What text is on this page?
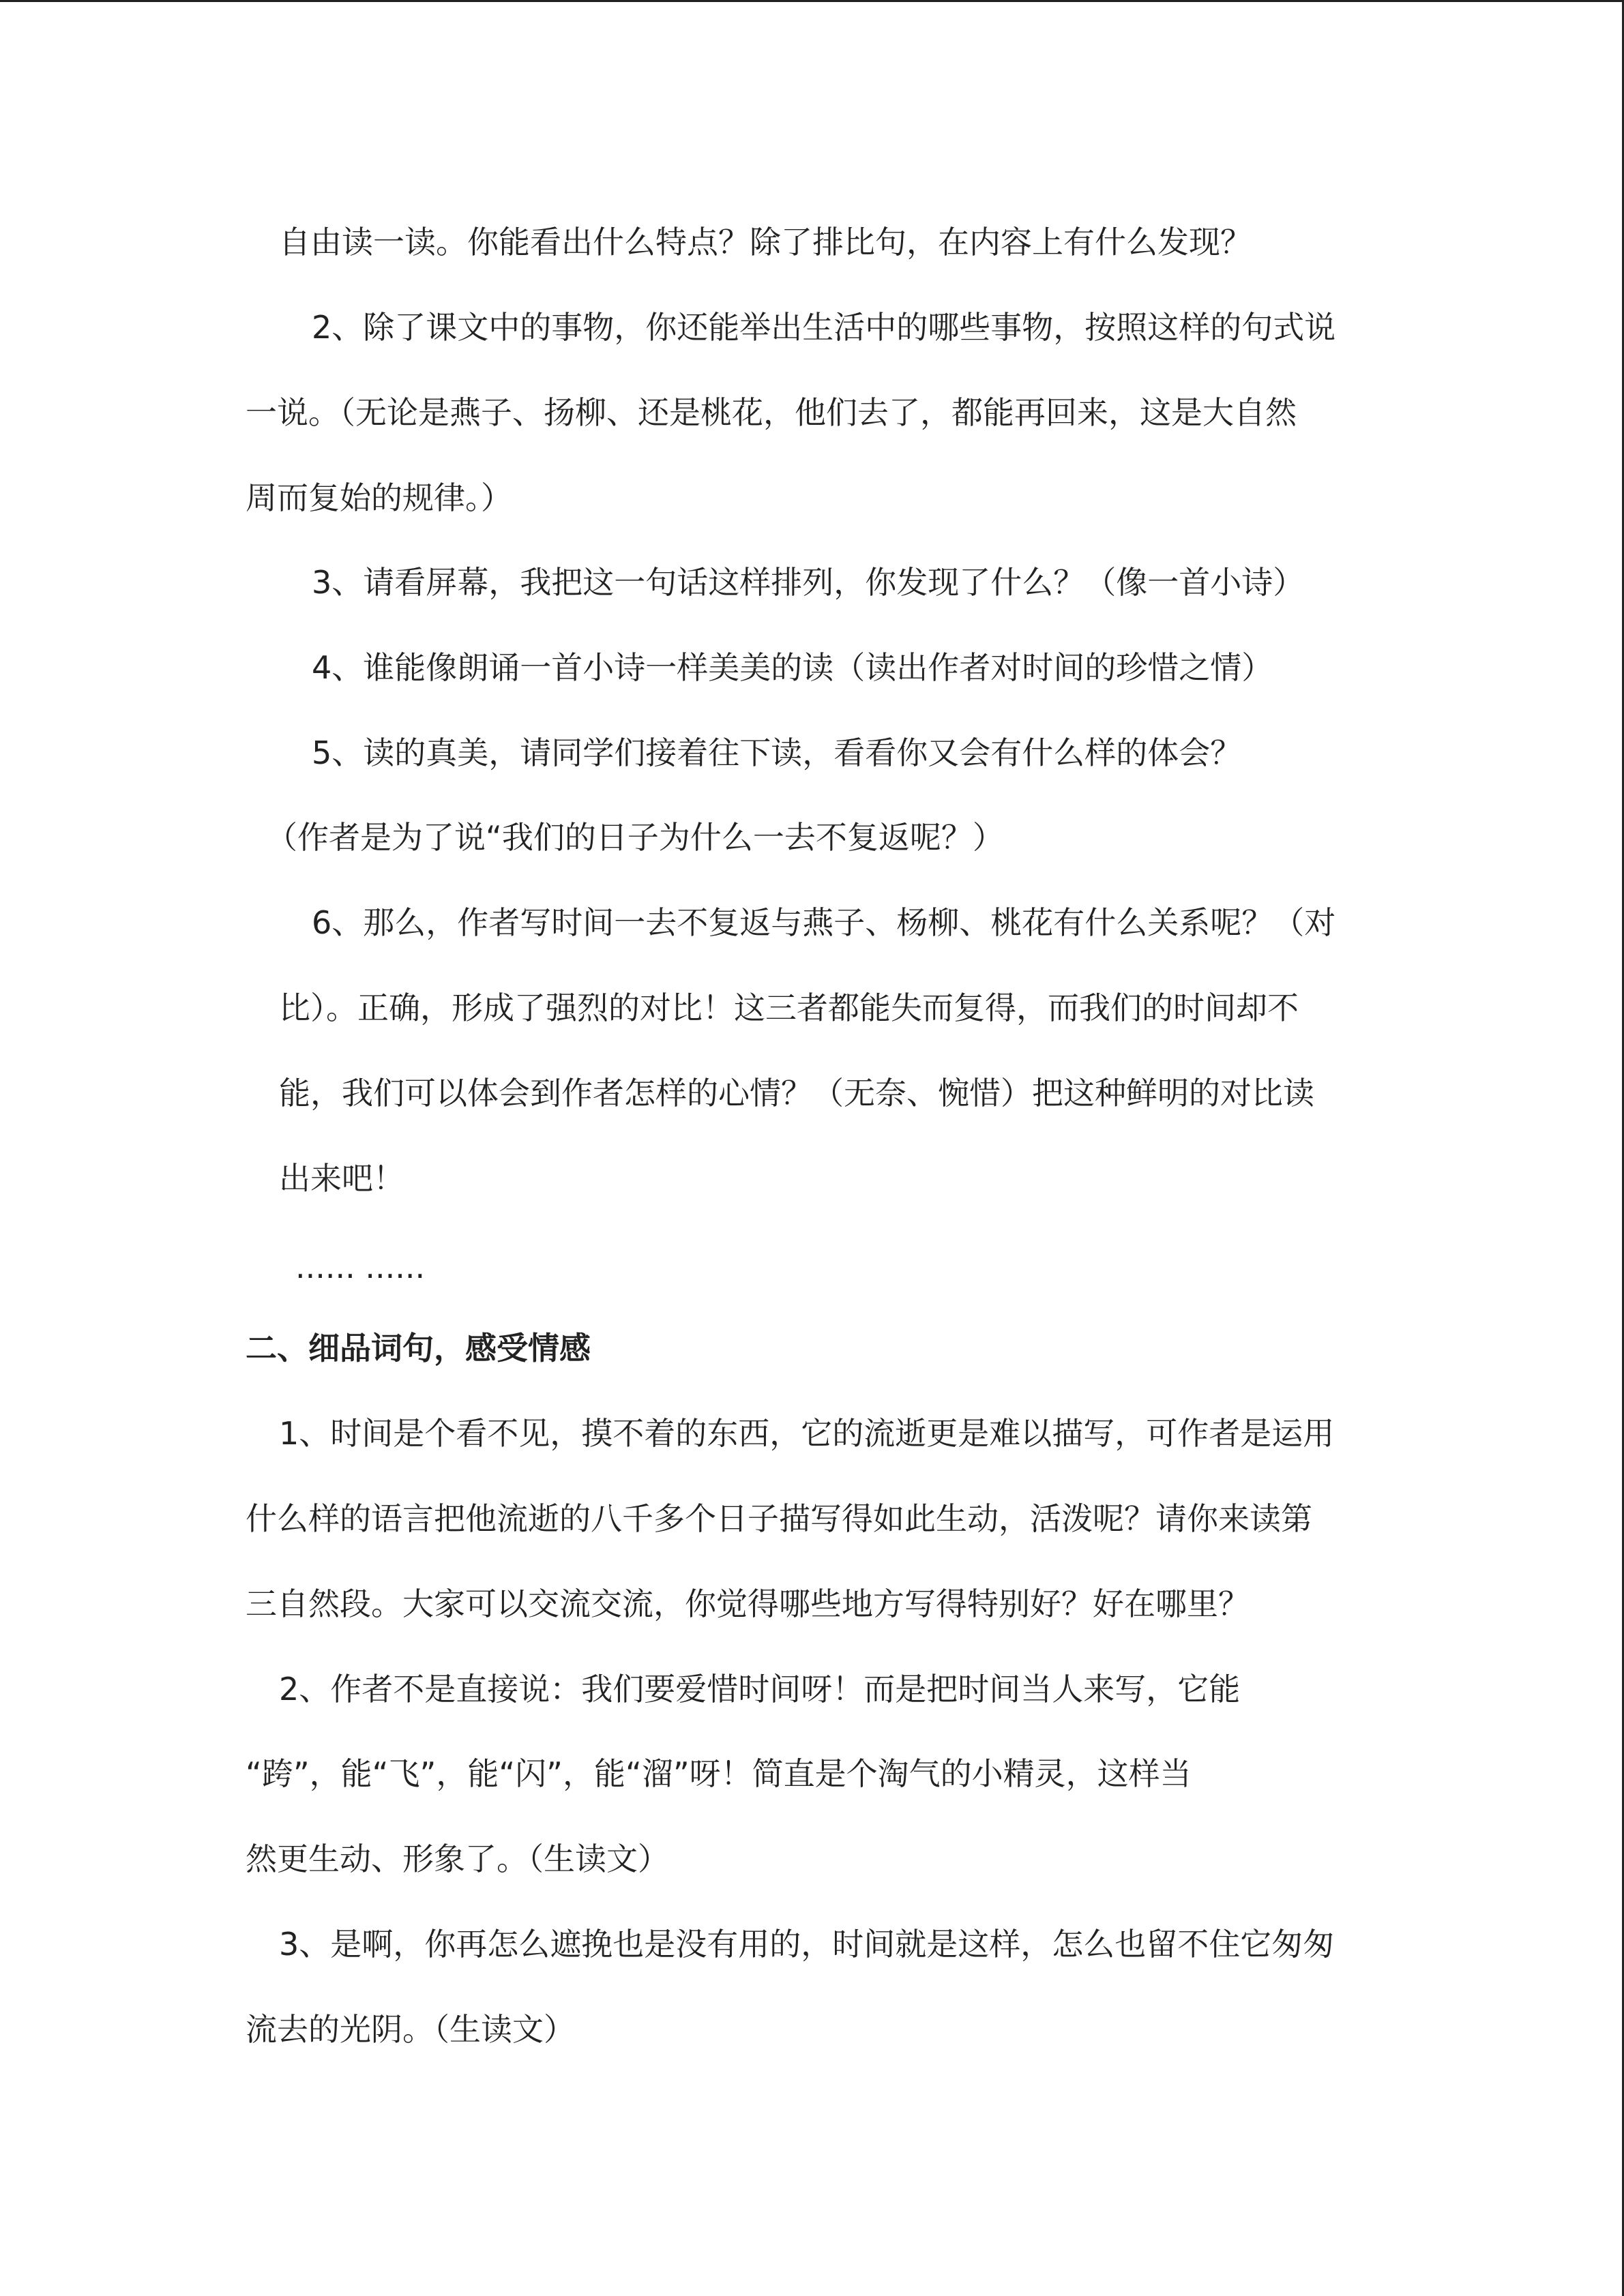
自由读一读。你能看出什么特点？除了排比句，在内容上有什么发现？
2、除了课文中的事物，你还能举出生活中的哪些事物，按照这样的句式说
一说。（无论是燕子、扬柳、还是桃花，他们去了，都能再回来，这是大自然
周而复始的规律。）
3、请看屏幕，我把这一句话这样排列，你发现了什么？（像一首小诗）
4、谁能像朗诵一首小诗一样美美的读（读出作者对时间的珍惜之情）
5、读的真美，请同学们接着往下读，看看你又会有什么样的体会？
（作者是为了说“我们的日子为什么一去不复返呢？）
6、那么，作者写时间一去不复返与燕子、杨柳、桃花有什么关系呢？（对
比）。正确，形成了强烈的对比！这三者都能失而复得，而我们的时间却不
能，我们可以体会到作者怎样的心情？（无奈、惋惜）把这种鲜明的对比读
出来吧！
...... ......
二、细品词句，感受情感
1、时间是个看不见，摸不着的东西，它的流逝更是难以描写，可作者是运用
什么样的语言把他流逝的八千多个日子描写得如此生动，活泼呢？请你来读第
三自然段。大家可以交流交流，你觉得哪些地方写得特别好？好在哪里？
2、作者不是直接说：我们要爱惜时间呀！而是把时间当人来写，它能
“跨”，能“飞”，能“闪”，能“溜”呀！简直是个淘气的小精灵，这样当
然更生动、形象了。（生读文）
3、是啊，你再怎么遮挽也是没有用的，时间就是这样，怎么也留不住它匆匆
流去的光阴。（生读文）
